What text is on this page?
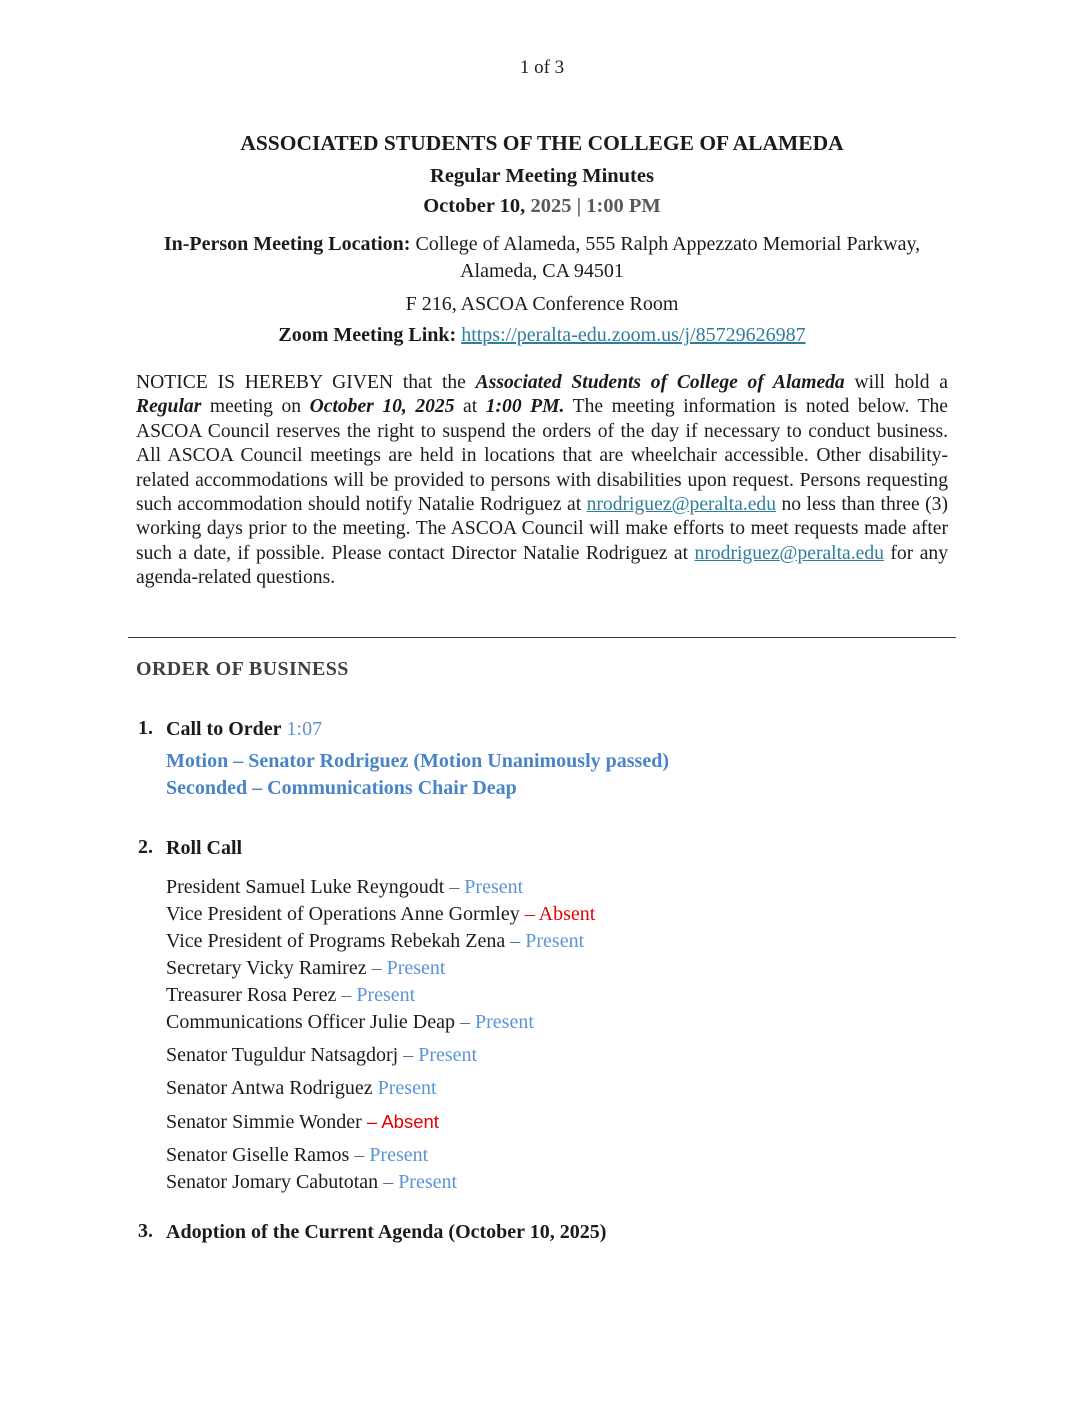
1 of 3
ASSOCIATED STUDENTS OF THE COLLEGE OF ALAMEDA
Regular Meeting Minutes
October 10, 2025 | 1:00 PM
In-Person Meeting Location: College of Alameda, 555 Ralph Appezzato Memorial Parkway,
Alameda, CA 94501
F 216, ASCOA Conference Room
Zoom Meeting Link: https://peralta-edu.zoom.us/j/85729626987
NOTICE IS HEREBY GIVEN that the Associated Students of College of Alameda will hold a Regular meeting on October 10, 2025 at 1:00 PM. The meeting information is noted below. The ASCOA Council reserves the right to suspend the orders of the day if necessary to conduct business. All ASCOA Council meetings are held in locations that are wheelchair accessible. Other disability-related accommodations will be provided to persons with disabilities upon request. Persons requesting such accommodation should notify Natalie Rodriguez at nrodriguez@peralta.edu no less than three (3) working days prior to the meeting. The ASCOA Council will make efforts to meet requests made after such a date, if possible. Please contact Director Natalie Rodriguez at nrodriguez@peralta.edu for any agenda-related questions.
ORDER OF BUSINESS
1. Call to Order 1:07
Motion – Senator Rodriguez (Motion Unanimously passed)
Seconded – Communications Chair Deap
2. Roll Call
President Samuel Luke Reyngoudt – Present
Vice President of Operations Anne Gormley – Absent
Vice President of Programs Rebekah Zena – Present
Secretary Vicky Ramirez – Present
Treasurer Rosa Perez – Present
Communications Officer Julie Deap – Present
Senator Tuguldur Natsagdorj – Present
Senator Antwa Rodriguez Present
Senator Simmie Wonder – Absent
Senator Giselle Ramos – Present
Senator Jomary Cabutotan – Present
3. Adoption of the Current Agenda (October 10, 2025)
